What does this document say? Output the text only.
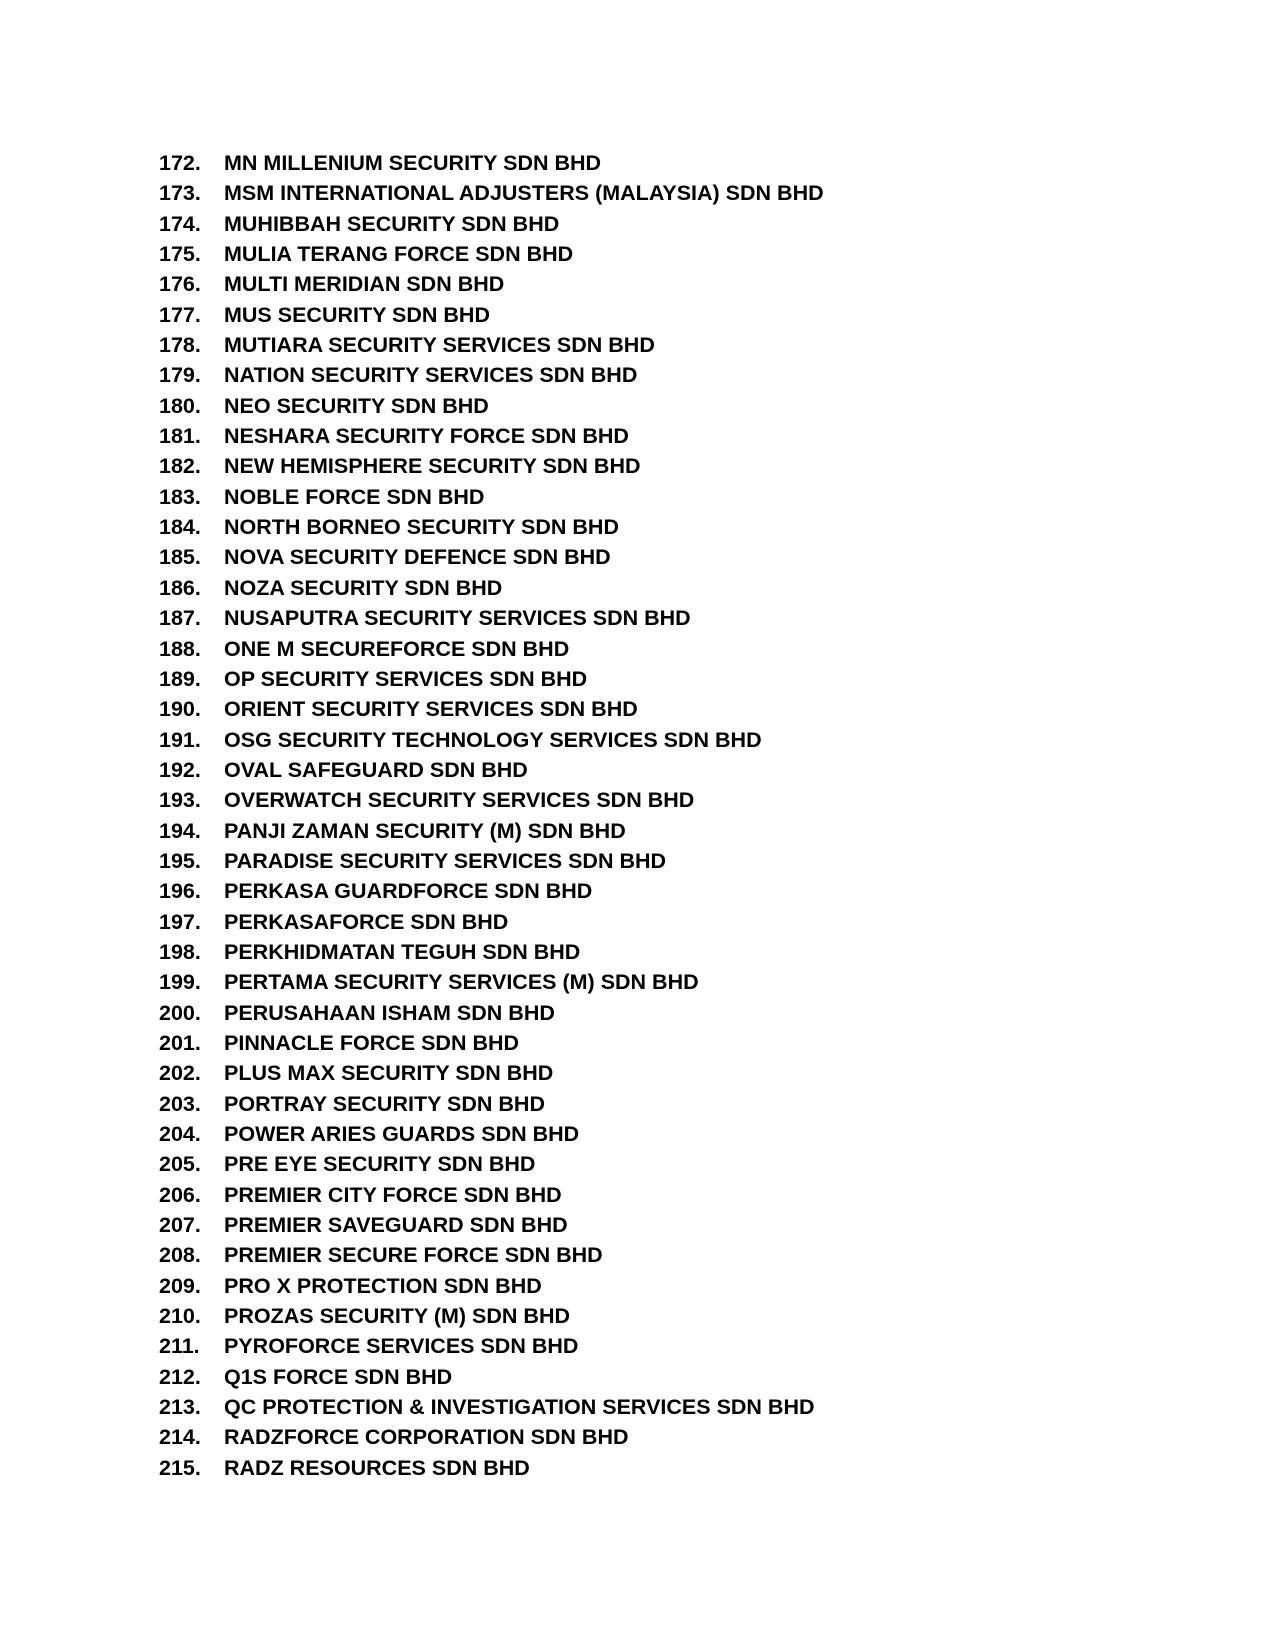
172.	MN MILLENIUM SECURITY SDN BHD
173.	MSM INTERNATIONAL ADJUSTERS (MALAYSIA) SDN BHD
174.	MUHIBBAH SECURITY SDN BHD
175.	MULIA TERANG FORCE SDN BHD
176.	MULTI MERIDIAN SDN BHD
177.	MUS SECURITY SDN BHD
178.	MUTIARA SECURITY SERVICES SDN BHD
179.	NATION SECURITY SERVICES SDN BHD
180.	NEO SECURITY SDN BHD
181.	NESHARA SECURITY FORCE SDN BHD
182.	NEW HEMISPHERE SECURITY SDN BHD
183.	NOBLE FORCE SDN BHD
184.	NORTH BORNEO SECURITY SDN BHD
185.	NOVA SECURITY DEFENCE SDN BHD
186.	NOZA SECURITY SDN BHD
187.	NUSAPUTRA SECURITY SERVICES SDN BHD
188.	ONE M SECUREFORCE SDN BHD
189.	OP SECURITY SERVICES SDN BHD
190.	ORIENT SECURITY SERVICES SDN BHD
191.	OSG SECURITY TECHNOLOGY SERVICES SDN BHD
192.	OVAL SAFEGUARD SDN BHD
193.	OVERWATCH SECURITY SERVICES SDN BHD
194.	PANJI ZAMAN SECURITY (M) SDN BHD
195.	PARADISE SECURITY SERVICES SDN BHD
196.	PERKASA GUARDFORCE SDN BHD
197.	PERKASAFORCE SDN BHD
198.	PERKHIDMATAN TEGUH SDN BHD
199.	PERTAMA SECURITY SERVICES (M) SDN BHD
200.	PERUSAHAAN ISHAM SDN BHD
201.	PINNACLE FORCE SDN BHD
202.	PLUS MAX SECURITY SDN BHD
203.	PORTRAY SECURITY SDN BHD
204.	POWER ARIES GUARDS SDN BHD
205.	PRE EYE SECURITY SDN BHD
206.	PREMIER CITY FORCE SDN BHD
207.	PREMIER SAVEGUARD SDN BHD
208.	PREMIER SECURE FORCE SDN BHD
209.	PRO X PROTECTION SDN BHD
210.	PROZAS SECURITY (M) SDN BHD
211.	PYROFORCE SERVICES SDN BHD
212.	Q1S FORCE SDN BHD
213.	QC PROTECTION & INVESTIGATION SERVICES SDN BHD
214.	RADZFORCE CORPORATION SDN BHD
215.	RADZ RESOURCES SDN BHD
